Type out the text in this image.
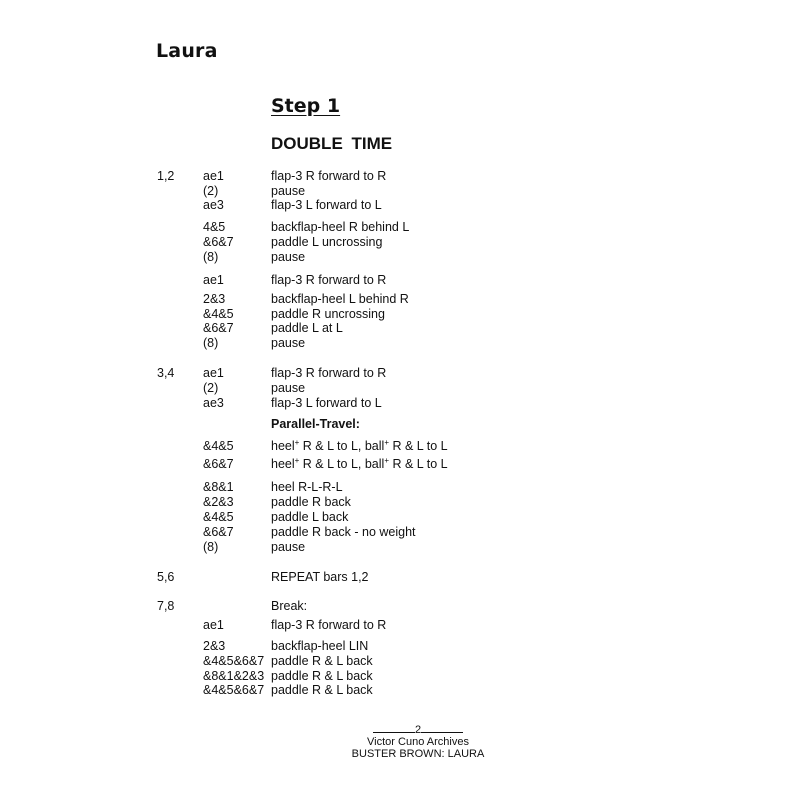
Laura
Step 1
DOUBLE TIME
1,2 ae1	flap-3 R forward to R
(2)	pause
ae3	flap-3 L forward to L
4&5	backflap-heel R behind L
&6&7	paddle L uncrossing
(8)	pause
ae1	flap-3 R forward to R
2&3	backflap-heel L behind R
&4&5	paddle R uncrossing
&6&7	paddle L at L
(8)	pause
3,4 ae1	flap-3 R forward to R
(2)	pause
ae3	flap-3 L forward to L
Parallel-Travel:
&4&5	heel+ R & L to L, ball+ R & L to L
&6&7	heel+ R & L to L, ball+ R & L to L
&8&1	heel R-L-R-L
&2&3	paddle R back
&4&5	paddle L back
&6&7	paddle R back - no weight
(8)	pause
5,6	REPEAT bars 1,2
7,8	Break:
ae1	flap-3 R forward to R
2&3	backflap-heel LIN
&4&5&6&7 paddle R & L back
&8&1&2&3 paddle R & L back
&4&5&6&7 paddle R & L back
2
Victor Cuno Archives
BUSTER BROWN: LAURA
